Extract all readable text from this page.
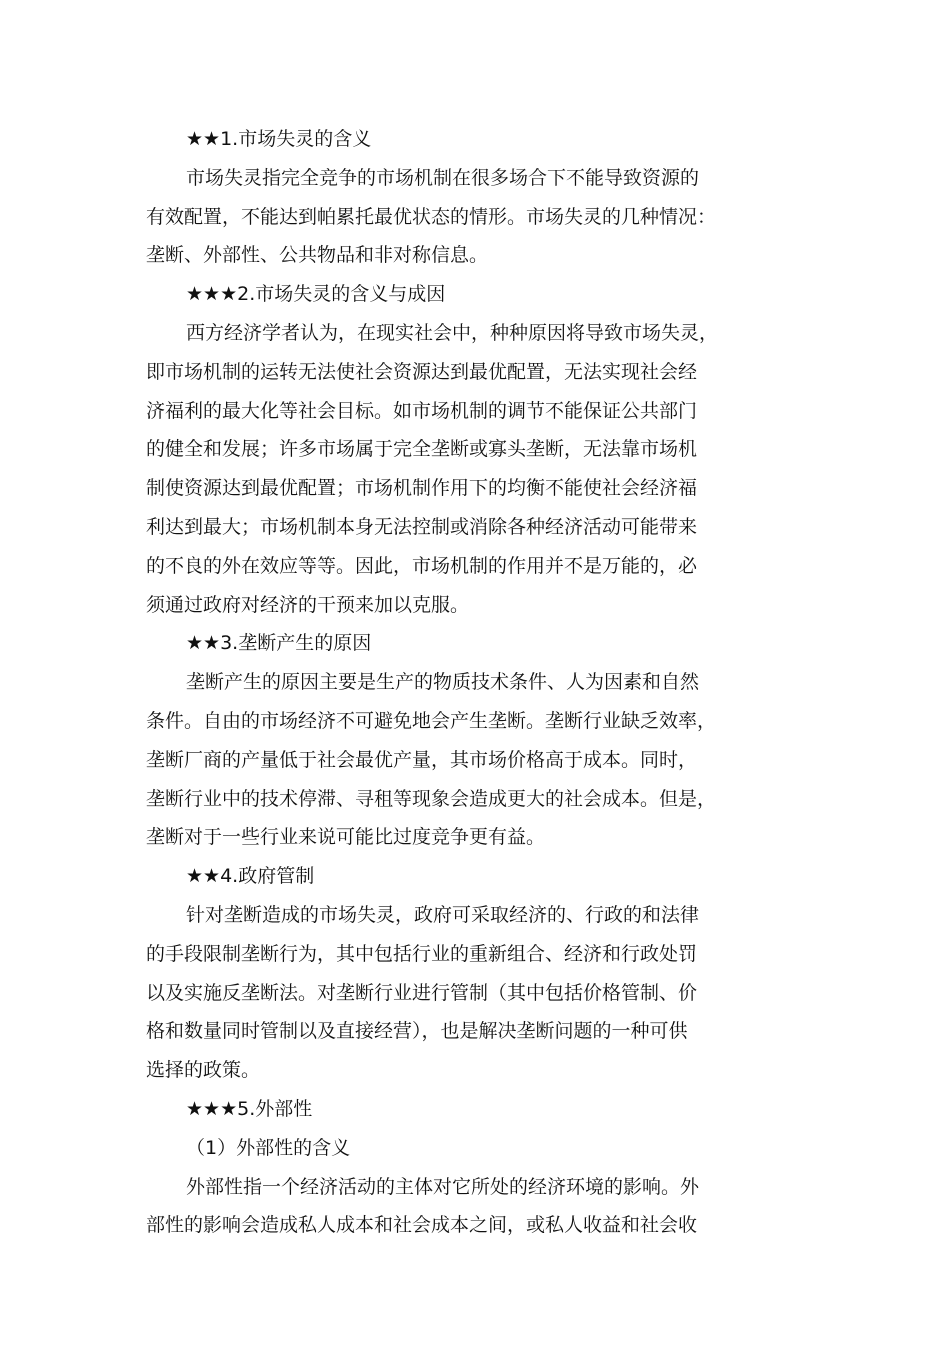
★★1.市场失灵的含义
市场失灵指完全竞争的市场机制在很多场合下不能导致资源的
有效配置，不能达到帕累托最优状态的情形。市场失灵的几种情况：
垄断、外部性、公共物品和非对称信息。
★★★2.市场失灵的含义与成因
西方经济学者认为，在现实社会中，种种原因将导致市场失灵，
即市场机制的运转无法使社会资源达到最优配置，无法实现社会经
济福利的最大化等社会目标。如市场机制的调节不能保证公共部门
的健全和发展；许多市场属于完全垄断或寡头垄断，无法靠市场机
制使资源达到最优配置；市场机制作用下的均衡不能使社会经济福
利达到最大；市场机制本身无法控制或消除各种经济活动可能带来
的不良的外在效应等等。因此，市场机制的作用并不是万能的，必
须通过政府对经济的干预来加以克服。
★★3.垄断产生的原因
垄断产生的原因主要是生产的物质技术条件、人为因素和自然
条件。自由的市场经济不可避免地会产生垄断。垄断行业缺乏效率，
垄断厂商的产量低于社会最优产量，其市场价格高于成本。同时，
垄断行业中的技术停滞、寻租等现象会造成更大的社会成本。但是，
垄断对于一些行业来说可能比过度竞争更有益。
★★4.政府管制
针对垄断造成的市场失灵，政府可采取经济的、行政的和法律
的手段限制垄断行为，其中包括行业的重新组合、经济和行政处罚
以及实施反垄断法。对垄断行业进行管制（其中包括价格管制、价
格和数量同时管制以及直接经营），也是解决垄断问题的一种可供
选择的政策。
★★★5.外部性
（1）外部性的含义
外部性指一个经济活动的主体对它所处的经济环境的影响。外
部性的影响会造成私人成本和社会成本之间，或私人收益和社会收
